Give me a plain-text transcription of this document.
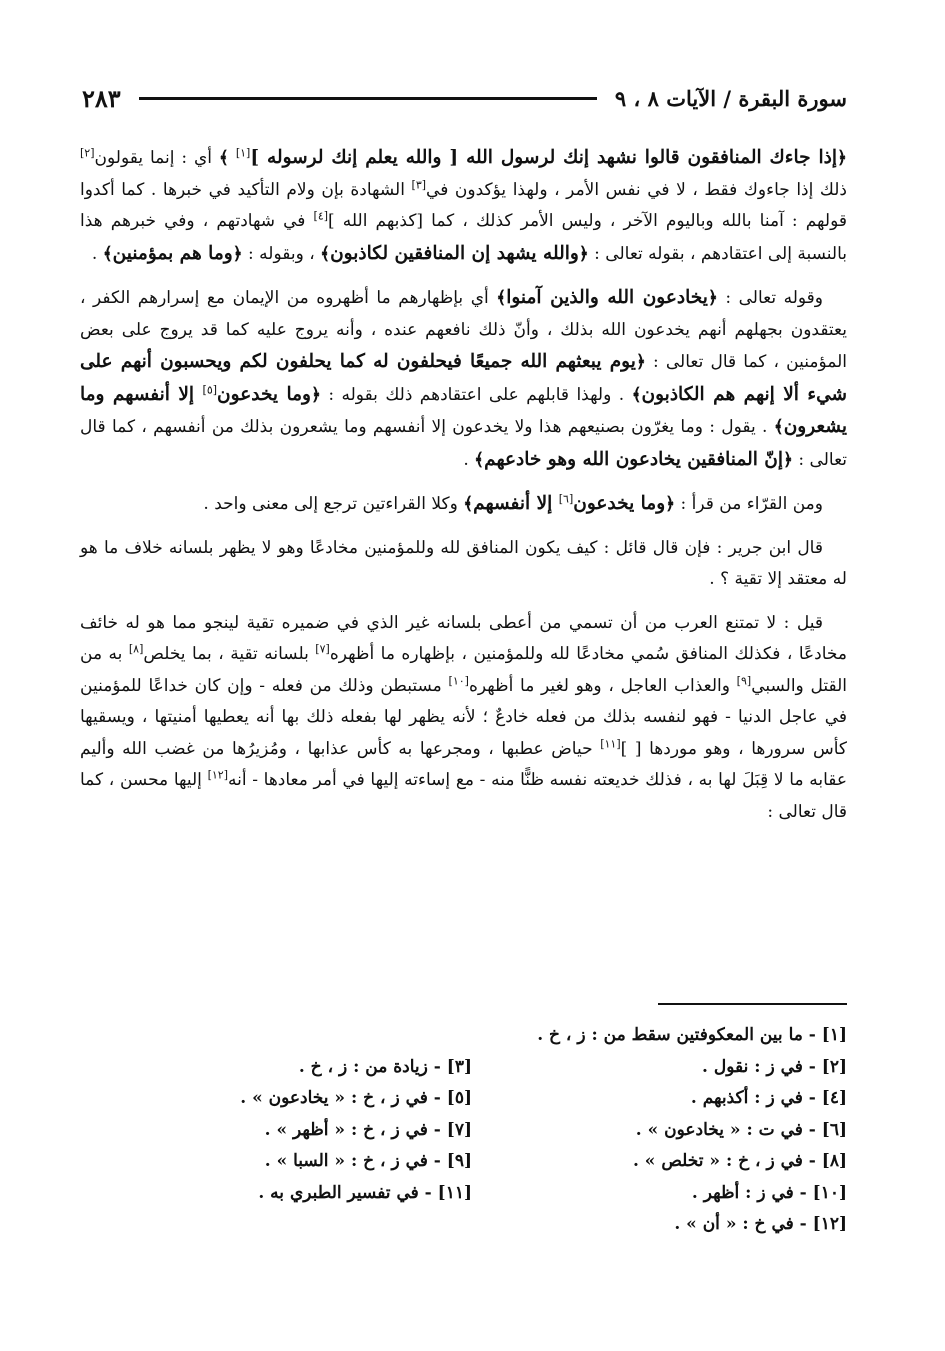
سورة البقرة / الآيات ٨ ، ٩
٢٨٣

﴿إذا جاءك المنافقون قالوا نشهد إنك لرسول الله [ والله يعلم إنك لرسوله ][١] ﴾ أي : إنما يقولون[٢] ذلك إذا جاءوك فقط ، لا في نفس الأمر ، ولهذا يؤكدون في[٣] الشهادة بإن ولام التأكيد في خبرها . كما أكدوا قولهم : آمنا بالله وباليوم الآخر ، وليس الأمر كذلك ، كما [كذبهم الله ][٤] في شهادتهم ، وفي خبرهم هذا بالنسبة إلى اعتقادهم ، بقوله تعالى : ﴿والله يشهد إن المنافقين لكاذبون﴾ ، وبقوله : ﴿وما هم بمؤمنين﴾ .

وقوله تعالى : ﴿يخادعون الله والذين آمنوا﴾ أي بإظهارهم ما أظهروه من الإيمان مع إسرارهم الكفر ، يعتقدون بجهلهم أنهم يخدعون الله بذلك ، وأنّ ذلك نافعهم عنده ، وأنه يروج عليه كما قد يروج على بعض المؤمنين ، كما قال تعالى : ﴿يوم يبعثهم الله جميعًا فيحلفون له كما يحلفون لكم ويحسبون أنهم على شيء ألا إنهم هم الكاذبون﴾ . ولهذا قابلهم على اعتقادهم ذلك بقوله : ﴿وما يخدعون[٥] إلا أنفسهم وما يشعرون﴾ . يقول : وما يغرّون بصنيعهم هذا ولا يخدعون إلا أنفسهم وما يشعرون بذلك من أنفسهم ، كما قال تعالى : ﴿إنّ المنافقين يخادعون الله وهو خادعهم﴾ .

ومن القرّاء من قرأ : ﴿وما يخدعون[٦] إلا أنفسهم﴾ وكلا القراءتين ترجع إلى معنى واحد .

قال ابن جرير : فإن قال قائل : كيف يكون المنافق لله وللمؤمنين مخادعًا وهو لا يظهر بلسانه خلاف ما هو له معتقد إلا تقية ؟ .

قيل : لا تمتنع العرب من أن تسمي من أعطى بلسانه غير الذي في ضميره تقية لينجو مما هو له خائف مخادعًا ، فكذلك المنافق سُمي مخادعًا لله وللمؤمنين ، بإظهاره ما أظهره[٧] بلسانه تقية ، بما يخلص[٨] به من القتل والسبي[٩] والعذاب العاجل ، وهو لغير ما أظهره[١٠] مستبطن وذلك من فعله - وإن كان خداعًا للمؤمنين في عاجل الدنيا - فهو لنفسه بذلك من فعله خادعٌ ؛ لأنه يظهر لها بفعله ذلك بها أنه يعطيها أمنيتها ، ويسقيها كأس سرورها ، وهو موردها [ ][١١] حياض عطبها ، ومجرعها به كأس عذابها ، ومُزيرُها من غضب الله وأليم عقابه ما لا قِبَلَ لها به ، فذلك خديعته نفسه ظنًّا منه - مع إساءته إليها في أمر معادها - أنه[١٢] إليها محسن ، كما قال تعالى :

[١] - ما بين المعكوفتين سقط من : ز ، خ .
[٢] - في ز : نقول .
[٣] - زيادة من : ز ، خ .
[٤] - في ز : أكذبهم .
[٥] - في ز ، خ : « يخادعون » .
[٦] - في ت : « يخادعون » .
[٧] - في ز ، خ : « أظهر » .
[٨] - في ز ، خ : « تخلص » .
[٩] - في ز ، خ : « السبا » .
[١٠] - في ز : أظهر .
[١١] - في تفسير الطبري به .
[١٢] - في خ : « أن » .
